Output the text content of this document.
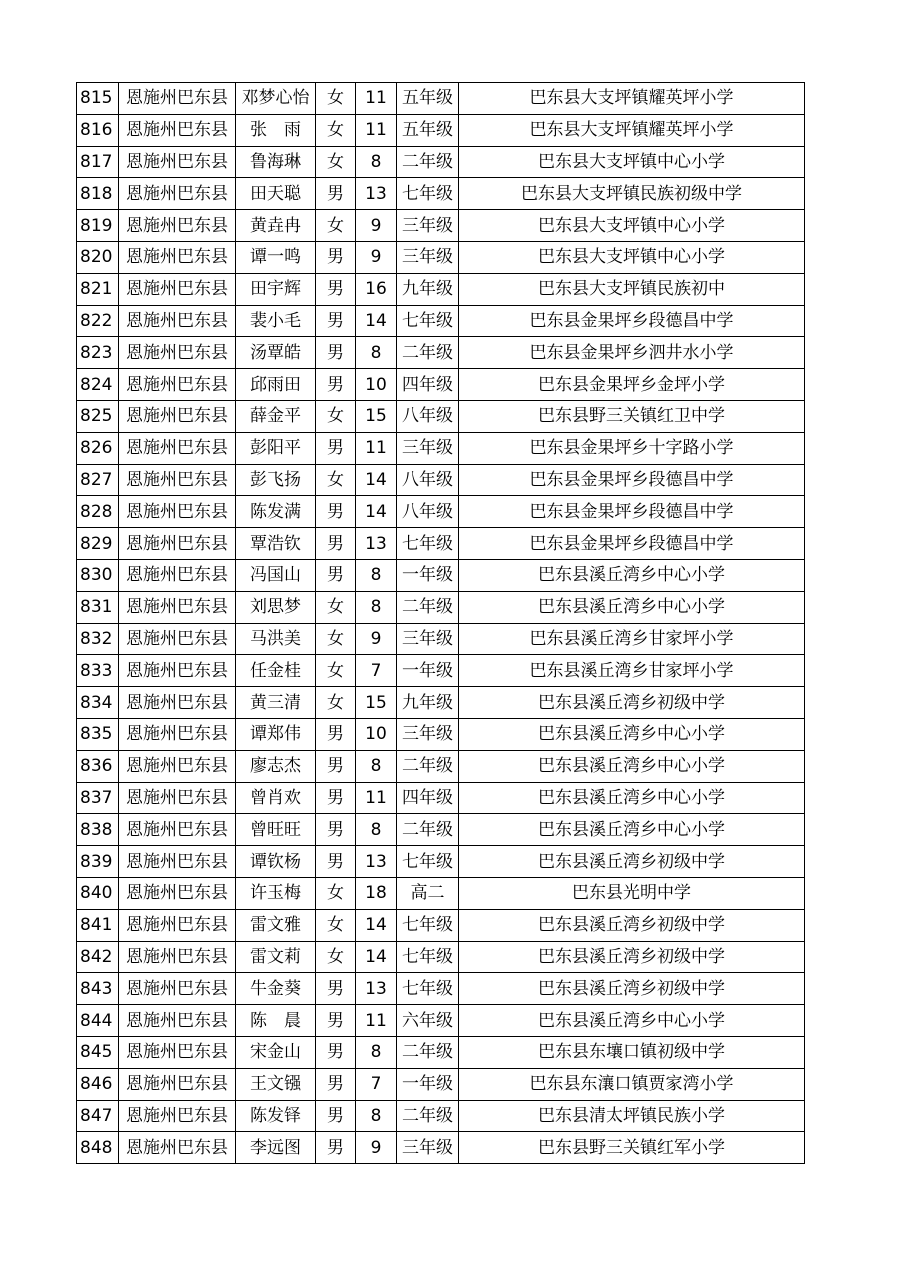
815	恩施州巴东县	邓梦心怡	女	11	五年级	巴东县大支坪镇耀英坪小学
816	恩施州巴东县	张　雨	女	11	五年级	巴东县大支坪镇耀英坪小学
817	恩施州巴东县	鲁海琳	女	8	二年级	巴东县大支坪镇中心小学
818	恩施州巴东县	田天聪	男	13	七年级	巴东县大支坪镇民族初级中学
819	恩施州巴东县	黄垚冉	女	9	三年级	巴东县大支坪镇中心小学
820	恩施州巴东县	谭一鸣	男	9	三年级	巴东县大支坪镇中心小学
821	恩施州巴东县	田宇辉	男	16	九年级	巴东县大支坪镇民族初中
822	恩施州巴东县	裴小毛	男	14	七年级	巴东县金果坪乡段德昌中学
823	恩施州巴东县	汤覃皓	男	8	二年级	巴东县金果坪乡泗井水小学
824	恩施州巴东县	邱雨田	男	10	四年级	巴东县金果坪乡金坪小学
825	恩施州巴东县	薛金平	女	15	八年级	巴东县野三关镇红卫中学
826	恩施州巴东县	彭阳平	男	11	三年级	巴东县金果坪乡十字路小学
827	恩施州巴东县	彭飞扬	女	14	八年级	巴东县金果坪乡段德昌中学
828	恩施州巴东县	陈发满	男	14	八年级	巴东县金果坪乡段德昌中学
829	恩施州巴东县	覃浩钦	男	13	七年级	巴东县金果坪乡段德昌中学
830	恩施州巴东县	冯国山	男	8	一年级	巴东县溪丘湾乡中心小学
831	恩施州巴东县	刘思梦	女	8	二年级	巴东县溪丘湾乡中心小学
832	恩施州巴东县	马洪美	女	9	三年级	巴东县溪丘湾乡甘家坪小学
833	恩施州巴东县	任金桂	女	7	一年级	巴东县溪丘湾乡甘家坪小学
834	恩施州巴东县	黄三清	女	15	九年级	巴东县溪丘湾乡初级中学
835	恩施州巴东县	谭郑伟	男	10	三年级	巴东县溪丘湾乡中心小学
836	恩施州巴东县	廖志杰	男	8	二年级	巴东县溪丘湾乡中心小学
837	恩施州巴东县	曾肖欢	男	11	四年级	巴东县溪丘湾乡中心小学
838	恩施州巴东县	曾旺旺	男	8	二年级	巴东县溪丘湾乡中心小学
839	恩施州巴东县	谭钦杨	男	13	七年级	巴东县溪丘湾乡初级中学
840	恩施州巴东县	许玉梅	女	18	高二	巴东县光明中学
841	恩施州巴东县	雷文雅	女	14	七年级	巴东县溪丘湾乡初级中学
842	恩施州巴东县	雷文莉	女	14	七年级	巴东县溪丘湾乡初级中学
843	恩施州巴东县	牛金葵	男	13	七年级	巴东县溪丘湾乡初级中学
844	恩施州巴东县	陈　晨	男	11	六年级	巴东县溪丘湾乡中心小学
845	恩施州巴东县	宋金山	男	8	二年级	巴东县东壤口镇初级中学
846	恩施州巴东县	王文镪	男	7	一年级	巴东县东瀼口镇贾家湾小学
847	恩施州巴东县	陈发铎	男	8	二年级	巴东县清太坪镇民族小学
848	恩施州巴东县	李远图	男	9	三年级	巴东县野三关镇红军小学
